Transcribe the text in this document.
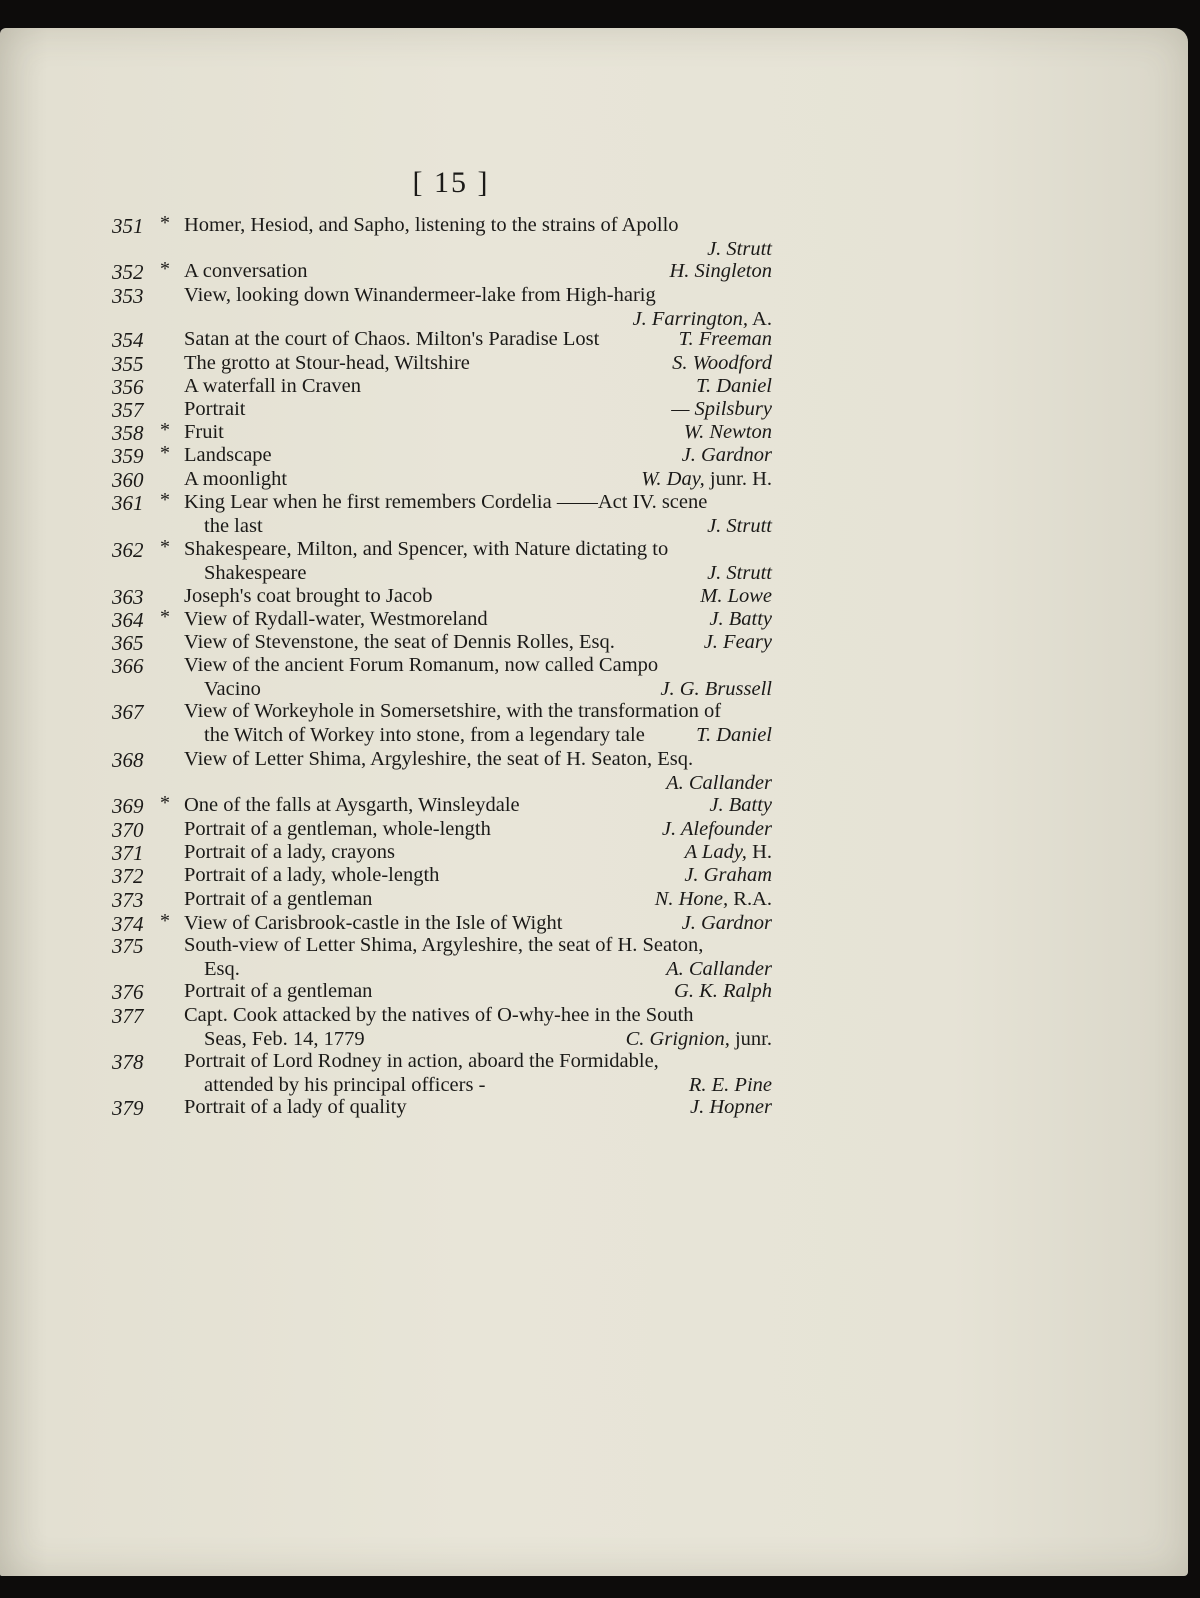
[ 15 ]
351 * Homer, Hesiod, and Sapho, listening to the strains of Apollo
J. Strutt
352 * A conversation	H. Singleton
353	View, looking down Winandermeer-lake from High-harig
J. Farrington, A.
354	Satan at the court of Chaos. Milton's Paradise Lost	T. Freeman
355	The grotto at Stour-head, Wiltshire	S. Woodford
356	A waterfall in Craven	T. Daniel
357	Portrait	— Spilsbury
358 * Fruit	W. Newton
359 * Landscape	J. Gardnor
360	A moonlight	W. Day, junr. H.
361 * King Lear when he first remembers Cordelia ——Act IV. scene
the last	J. Strutt
362 * Shakespeare, Milton, and Spencer, with Nature dictating to
Shakespeare	J. Strutt
363	Joseph's coat brought to Jacob	M. Lowe
364 * View of Rydall-water, Westmoreland	J. Batty
365	View of Stevenstone, the seat of Dennis Rolles, Esq.	J. Feary
366	View of the ancient Forum Romanum, now called Campo
Vacino	J. G. Brussell
367	View of Workeyhole in Somersetshire, with the transformation of
the Witch of Workey into stone, from a legendary tale	T. Daniel
368	View of Letter Shima, Argyleshire, the seat of H. Seaton, Esq.
A. Callander
369 * One of the falls at Aysgarth, Winsleydale	J. Batty
370	Portrait of a gentleman, whole-length	J. Alefounder
371	Portrait of a lady, crayons	A Lady, H.
372	Portrait of a lady, whole-length	J. Graham
373	Portrait of a gentleman	N. Hone, R.A.
374 * View of Carisbrook-castle in the Isle of Wight	J. Gardnor
375	South-view of Letter Shima, Argyleshire, the seat of H. Seaton,
Esq.	A. Callander
376	Portrait of a gentleman	G. K. Ralph
377	Capt. Cook attacked by the natives of O-why-hee in the South
Seas, Feb. 14, 1779	C. Grignion, junr.
378	Portrait of Lord Rodney in action, aboard the Formidable,
attended by his principal officers -	R. E. Pine
379	Portrait of a lady of quality	J. Hopner
